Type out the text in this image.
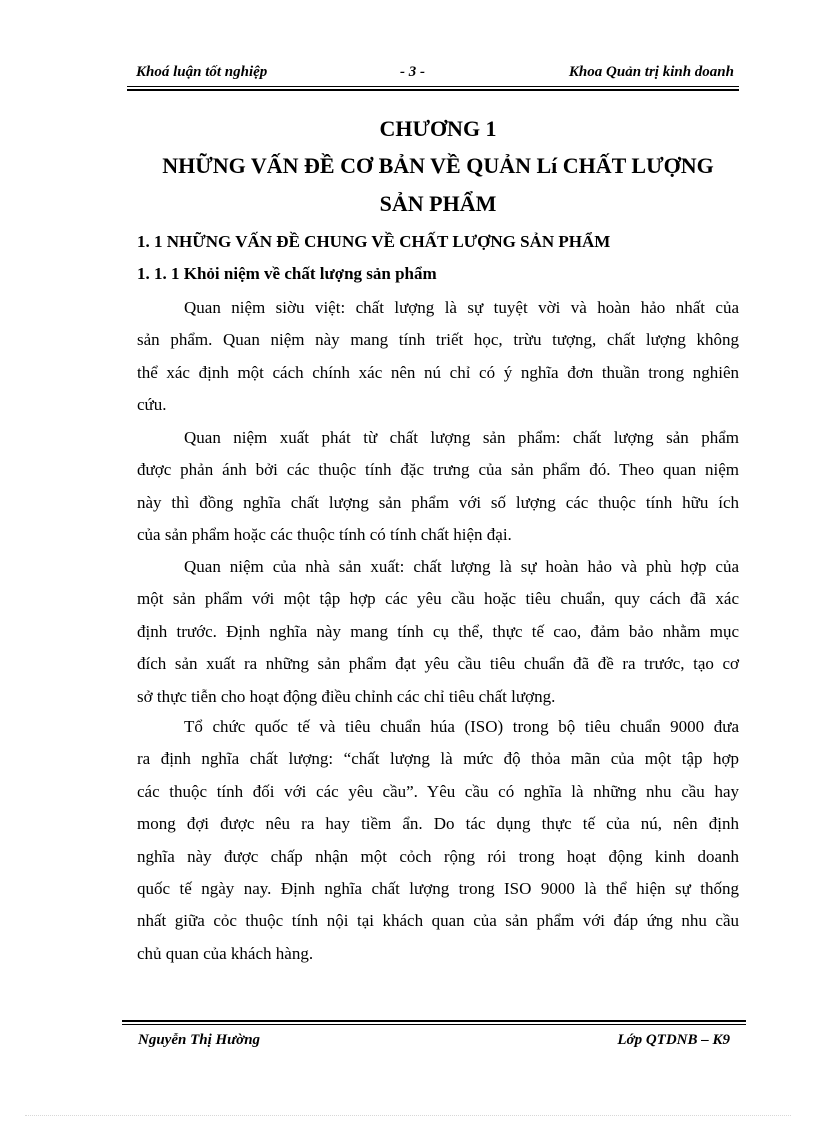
Khoá luận tốt nghiệp	- 3 -	Khoa Quản trị kinh doanh
CHƯƠNG 1
NHỮNG VẤN ĐỀ CƠ BẢN VỀ QUẢN Lí CHẤT LƯỢNG
SẢN PHẨM
1. 1 NHỮNG VẤN ĐỀ CHUNG VỀ CHẤT LƯỢNG SẢN PHẨM
1. 1. 1 Khỏi niệm về chất lượng sản phẩm
Quan niệm siờu việt: chất lượng là sự tuyệt vời và hoàn hảo nhất của
sản phẩm. Quan niệm này mang tính triết học, trừu tượng, chất lượng không
thể xác định một cách chính xác nên nú chỉ có ý nghĩa đơn thuần trong nghiên
cứu.
Quan niệm xuất phát từ chất lượng sản phẩm: chất lượng sản phẩm
được phản ánh bởi các thuộc tính đặc trưng của sản phẩm đó. Theo quan niệm
này thì đồng nghĩa chất lượng sản phẩm với số lượng các thuộc tính hữu ích
của sản phẩm hoặc các thuộc tính có tính chất hiện đại.
Quan niệm của nhà sản xuất: chất lượng là sự hoàn hảo và phù hợp của
một sản phẩm với một tập hợp các yêu cầu hoặc tiêu chuẩn, quy cách đã xác
định trước. Định nghĩa này mang tính cụ thể, thực tế cao, đảm bảo nhằm mục
đích sản xuất ra những sản phẩm đạt yêu cầu tiêu chuẩn đã đề ra trước, tạo cơ
sở thực tiễn cho hoạt động điều chỉnh các chỉ tiêu chất lượng.
Tổ chức quốc tế và tiêu chuẩn húa (ISO) trong bộ tiêu chuẩn 9000 đưa
ra định nghĩa chất lượng: “chất lượng là mức độ thỏa mãn của một tập hợp
các thuộc tính đối với các yêu cầu”. Yêu cầu có nghĩa là những nhu cầu hay
mong đợi được nêu ra hay tiềm ẩn. Do tác dụng thực tế của nú, nên định
nghĩa này được chấp nhận một cỏch rộng rói trong hoạt động kinh doanh
quốc tế ngày nay. Định nghĩa chất lượng trong ISO 9000 là thể hiện sự thống
nhất giữa cỏc thuộc tính nội tại khách quan của sản phẩm với đáp ứng nhu cầu
chủ quan của khách hàng.
Nguyễn Thị Hường	Lớp QTDNB – K9
